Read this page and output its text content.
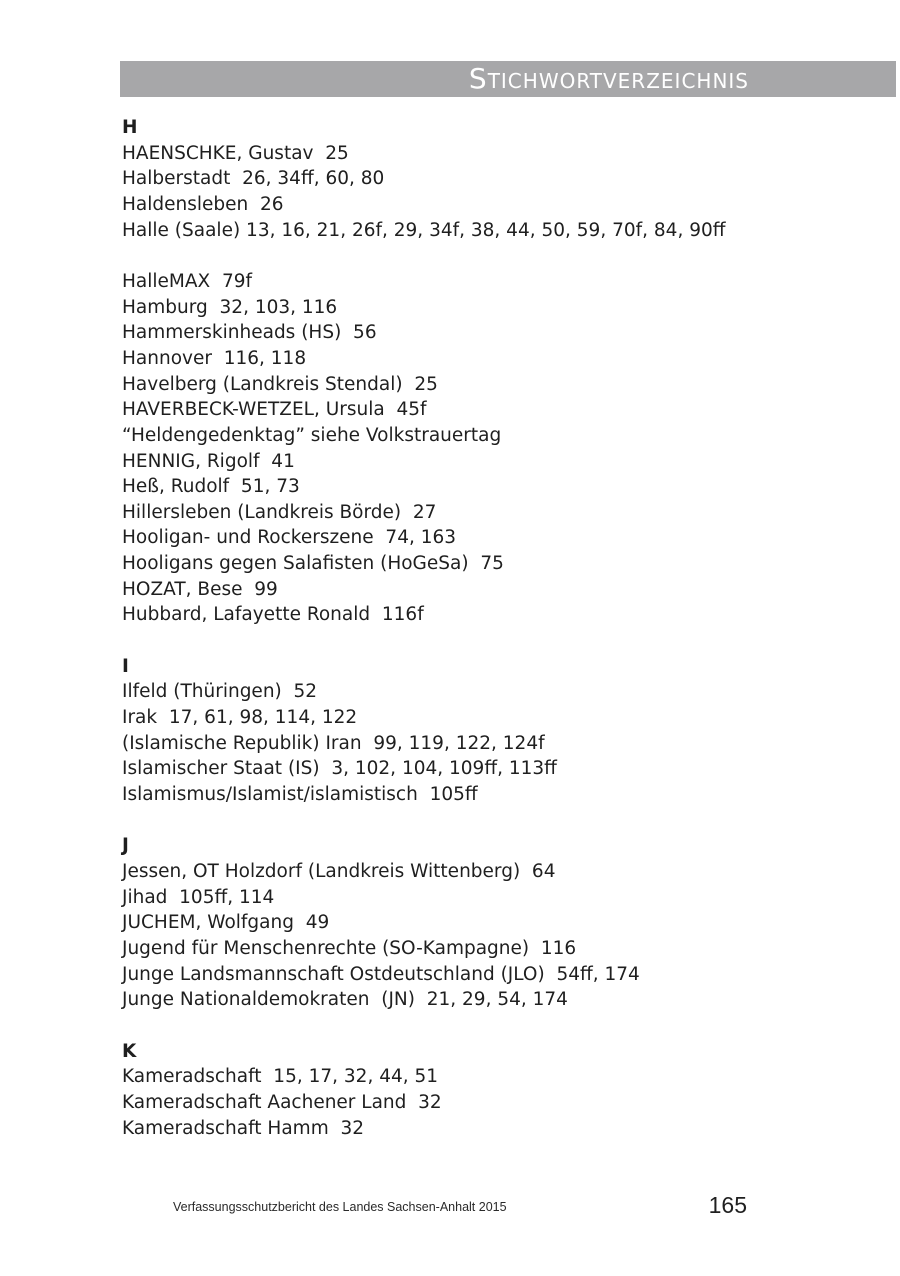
Stichwortverzeichnis
H
HAENSCHKE, Gustav  25
Halberstadt  26, 34ff, 60, 80
Haldensleben  26
Halle (Saale) 13, 16, 21, 26f, 29, 34f, 38, 44, 50, 59, 70f, 84, 90ff
HalleMAX  79f
Hamburg  32, 103, 116
Hammerskinheads (HS)  56
Hannover  116, 118
Havelberg (Landkreis Stendal)  25
HAVERBECK-WETZEL, Ursula  45f
“Heldengedenktag” siehe Volkstrauertag
HENNIG, Rigolf  41
Heß, Rudolf  51, 73
Hillersleben (Landkreis Börde)  27
Hooligan- und Rockerszene  74, 163
Hooligans gegen Salafisten (HoGeSa)  75
HOZAT, Bese  99
Hubbard, Lafayette Ronald  116f
I
Ilfeld (Thüringen)  52
Irak  17, 61, 98, 114, 122
(Islamische Republik) Iran  99, 119, 122, 124f
Islamischer Staat (IS)  3, 102, 104, 109ff, 113ff
Islamismus/Islamist/islamistisch  105ff
J
Jessen, OT Holzdorf (Landkreis Wittenberg)  64
Jihad  105ff, 114
JUCHEM, Wolfgang  49
Jugend für Menschenrechte (SO-Kampagne)  116
Junge Landsmannschaft Ostdeutschland (JLO)  54ff, 174
Junge Nationaldemokraten  (JN)  21, 29, 54, 174
K
Kameradschaft  15, 17, 32, 44, 51
Kameradschaft Aachener Land  32
Kameradschaft Hamm  32
Verfassungsschutzbericht des Landes Sachsen-Anhalt 2015	165
